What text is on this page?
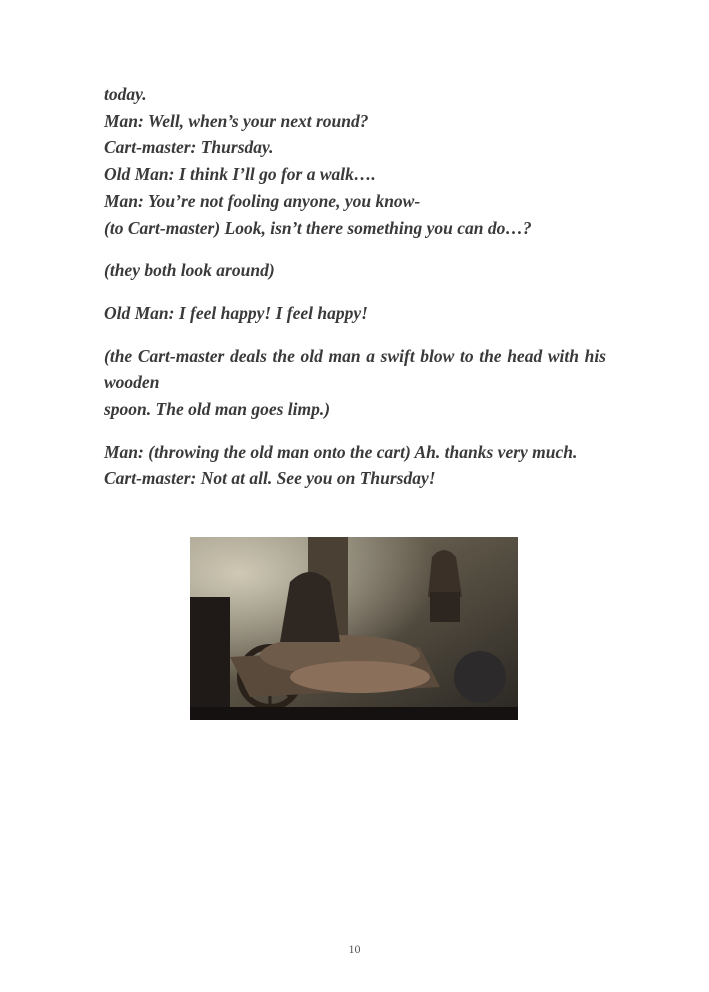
today.
Man: Well, when’s your next round?
Cart-master: Thursday.
Old Man: I think I’ll go for a walk….
Man: You’re not fooling anyone, you know-
(to Cart-master) Look, isn’t there something you can do…?

(they both look around)

Old Man: I feel happy! I feel happy!

(the Cart-master deals the old man a swift blow to the head with his wooden
spoon. The old man goes limp.)

Man: (throwing the old man onto the cart) Ah. thanks very much.

Cart-master: Not at all. See you on Thursday!

10
